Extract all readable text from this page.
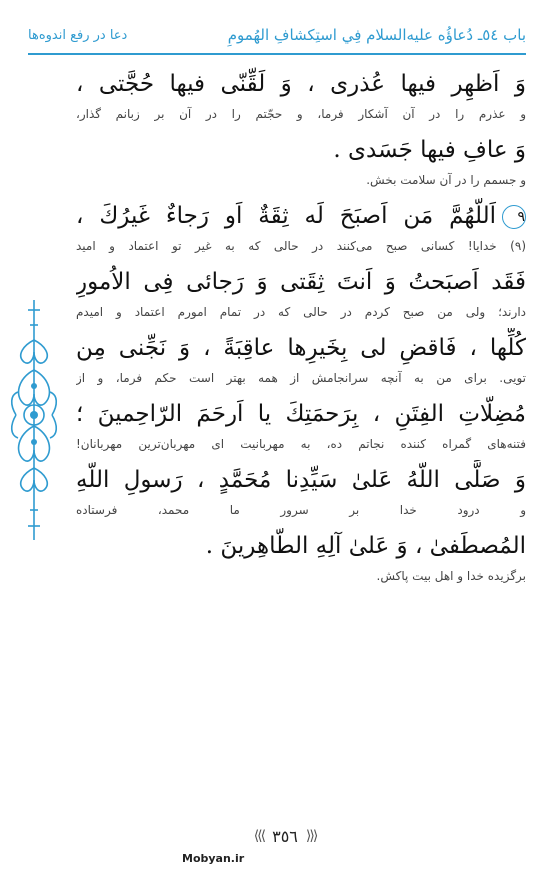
باب ٥٤ـ دُعاؤُه عليه‌السلام فِي استِكشافِ الهُمومِ
دعا در رفع اندوه‌ها
وَ اَظهِر فيها عُذری ، وَ لَقِّنّی فيها حُجَّتی ،
و عذرم را در آن آشكار فرما، و حجّتم را در آن بر زبانم گذار،
وَ عافِ فيها جَسَدی .
و جسمم را در آن سلامت بخش.
٩اَللّهُمَّ مَن اَصبَحَ لَه ثِقَةٌ اَو رَجاءٌ غَيرُكَ ،
(٩) خدایا! كسانی صبح می‌كنند در حالی كه به غیر تو اعتماد و امید
فَقَد اَصبَحتُ وَ اَنتَ ثِقَتی وَ رَجائی فِی الاُمورِ
دارند؛ ولی من صبح كردم در حالی كه در تمام امورم اعتماد و امیدم
كُلِّها ، فَاقضِ لی بِخَيرِها عاقِبَةً ، وَ نَجِّنی مِن
تویی. برای من به آنچه سرانجامش از همه بهتر است حكم فرما، و از
مُضِلّاتِ الفِتَنِ ، بِرَحمَتِكَ يا اَرحَمَ الرّاحِمينَ ؛
فتنه‌های گمراه كننده نجاتم ده، به مهربانیت ای مهربان‌ترین مهربانان!
وَ صَلَّى اللّهُ عَلىٰ سَيِّدِنا مُحَمَّدٍ ، رَسولِ اللّهِ
و درود خدا بر سرور ما محمد، فرستاده
المُصطَفىٰ ، وَ عَلىٰ آلِهِ الطّاهِرينَ .
برگزیده خدا و اهل بیت پاكش.
⟨⟨⟨ ٣٥٦ ⟩⟩⟩
Mobyan.ir
